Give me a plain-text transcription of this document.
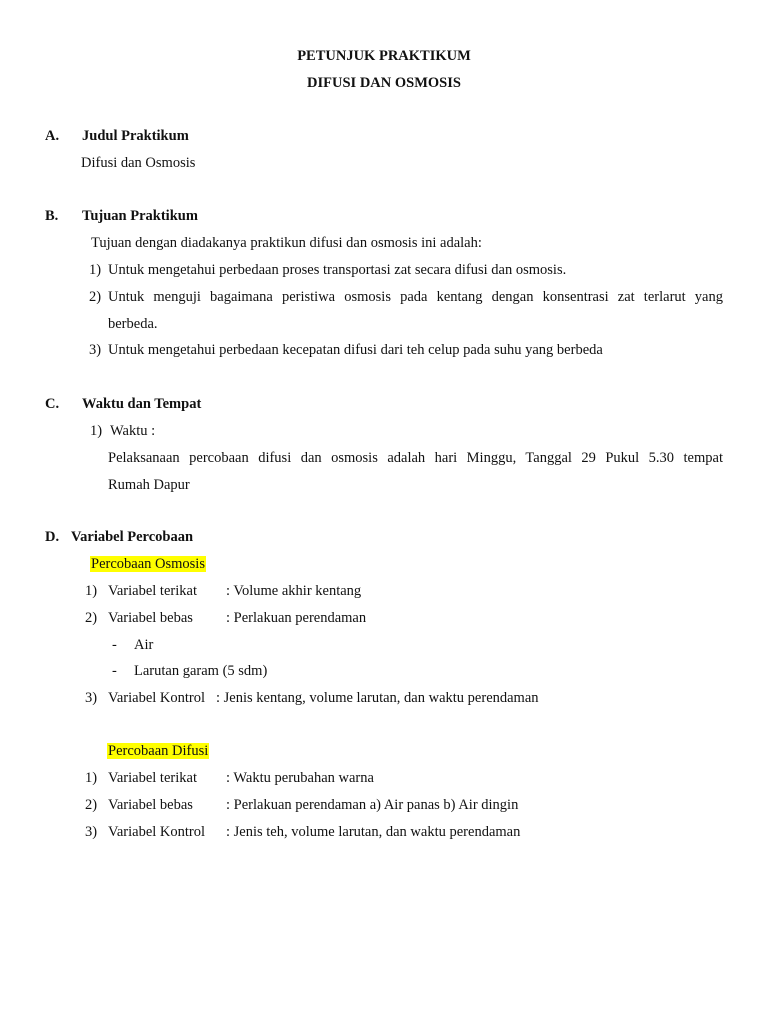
PETUNJUK PRAKTIKUM
DIFUSI DAN OSMOSIS
A. Judul Praktikum
Difusi dan Osmosis
B. Tujuan Praktikum
Tujuan dengan diadakanya praktikun difusi dan osmosis ini adalah:
1) Untuk mengetahui perbedaan proses transportasi zat secara difusi dan osmosis.
2) Untuk menguji bagaimana peristiwa osmosis pada kentang dengan konsentrasi zat terlarut yang
berbeda.
3) Untuk mengetahui perbedaan kecepatan difusi dari teh celup pada suhu yang berbeda
C. Waktu dan Tempat
1) Waktu :
Pelaksanaan percobaan difusi dan osmosis adalah hari Minggu, Tanggal 29 Pukul 5.30 tempat
Rumah Dapur
D. Variabel Percobaan
Percobaan Osmosis
1) Variabel terikat : Volume akhir kentang
2) Variabel bebas : Perlakuan perendaman
- Air
- Larutan garam (5 sdm)
3) Variabel Kontrol : Jenis kentang, volume larutan, dan waktu perendaman
Percobaan Difusi
1) Variabel terikat : Waktu perubahan warna
2) Variabel bebas : Perlakuan perendaman a) Air panas b) Air dingin
3) Variabel Kontrol : Jenis teh, volume larutan, dan waktu perendaman
